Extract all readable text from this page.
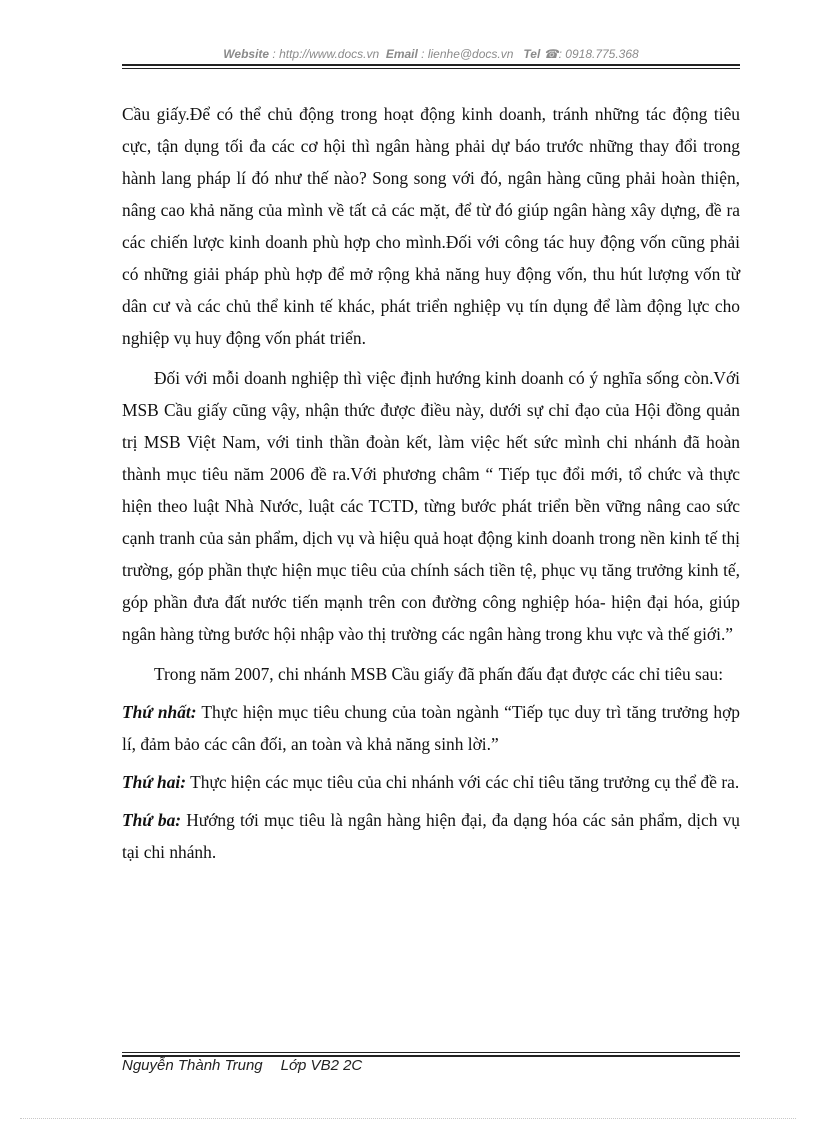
Website : http://www.docs.vn Email : lienhe@docs.vn Tel ☎: 0918.775.368

Cầu giấy.Để có thể chủ động trong hoạt động kinh doanh, tránh những tác động tiêu cực, tận dụng tối đa các cơ hội thì ngân hàng phải dự báo trước những thay đổi trong hành lang pháp lí đó như thế nào? Song song với đó, ngân hàng cũng phải hoàn thiện, nâng cao khả năng của mình về tất cả các mặt, để từ đó giúp ngân hàng xây dựng, đề ra các chiến lược kinh doanh phù hợp cho mình.Đối với công tác huy động vốn cũng phải có những giải pháp phù hợp để mở rộng khả năng huy động vốn, thu hút lượng vốn từ dân cư và các chủ thể kinh tế khác, phát triển nghiệp vụ tín dụng để làm động lực cho nghiệp vụ huy động vốn phát triển.

Đối với mỗi doanh nghiệp thì việc định hướng kinh doanh có ý nghĩa sống còn.Với MSB Cầu giấy cũng vậy, nhận thức được điều này, dưới sự chỉ đạo của Hội đồng quản trị MSB Việt Nam, với tinh thần đoàn kết, làm việc hết sức mình chi nhánh đã hoàn thành mục tiêu năm 2006 đề ra.Với phương châm “ Tiếp tục đổi mới, tổ chức và thực hiện theo luật Nhà Nước, luật các TCTD, từng bước phát triển bền vững nâng cao sức cạnh tranh của sản phẩm, dịch vụ và hiệu quả hoạt động kinh doanh trong nền kinh tế thị trường, góp phần thực hiện mục tiêu của chính sách tiền tệ, phục vụ tăng trưởng kinh tế, góp phần đưa đất nước tiến mạnh trên con đường công nghiệp hóa- hiện đại hóa, giúp ngân hàng từng bước hội nhập vào thị trường các ngân hàng trong khu vực và thế giới.”

Trong năm 2007, chi nhánh MSB Cầu giấy đã phấn đấu đạt được các chỉ tiêu sau:

Thứ nhất: Thực hiện mục tiêu chung của toàn ngành “Tiếp tục duy trì tăng trưởng hợp lí, đảm bảo các cân đối, an toàn và khả năng sinh lời.”

Thứ hai: Thực hiện các mục tiêu của chi nhánh với các chỉ tiêu tăng trưởng cụ thể đề ra.

Thứ ba: Hướng tới mục tiêu là ngân hàng hiện đại, đa dạng hóa các sản phẩm, dịch vụ tại chi nhánh.

Nguyễn Thành Trung Lớp VB2 2C
